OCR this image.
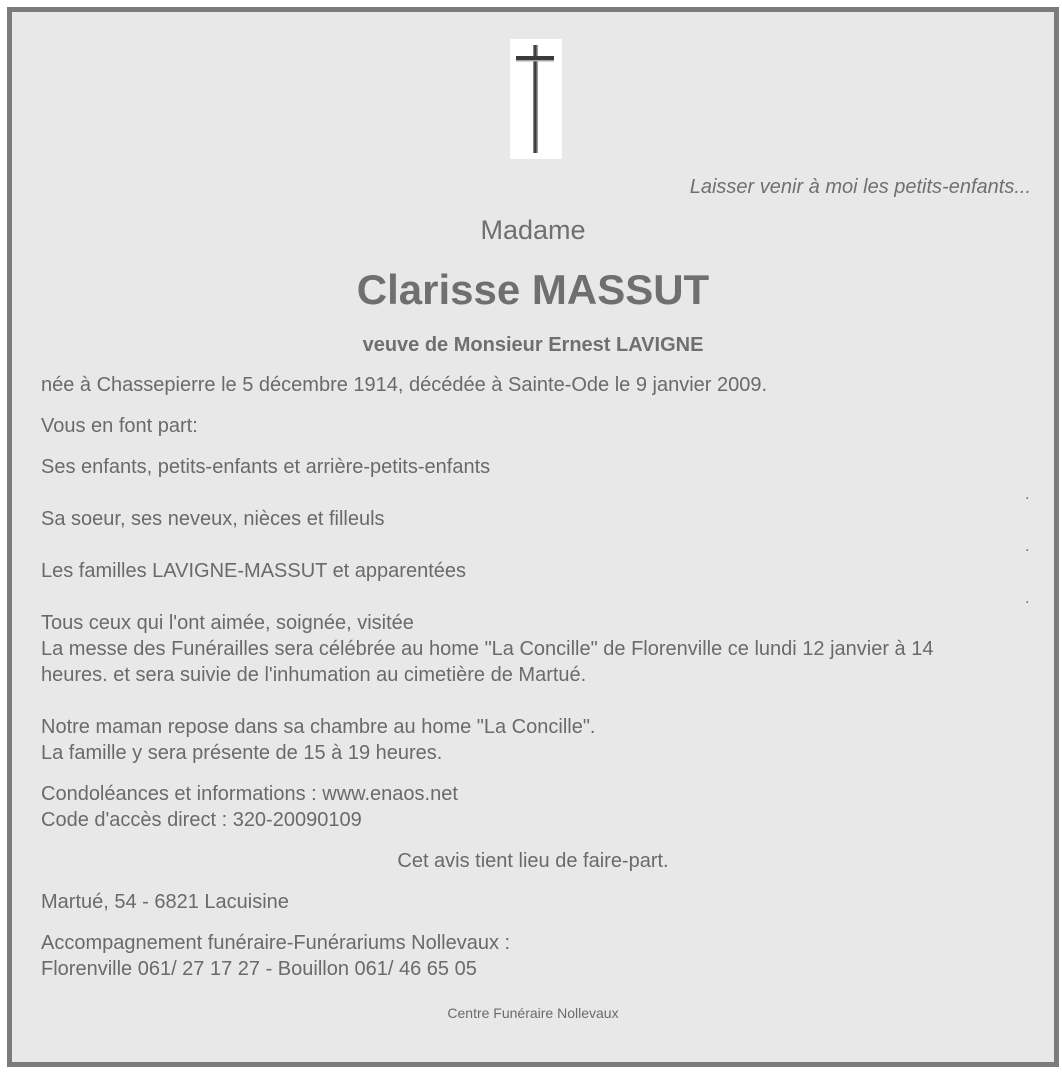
Laisser venir à moi les petits-enfants...
Madame
Clarisse MASSUT
veuve de Monsieur Ernest LAVIGNE
née à Chassepierre le 5 décembre 1914, décédée à Sainte-Ode le 9 janvier 2009.
Vous en font part:
Ses enfants, petits-enfants et arrière-petits-enfants
.
Sa soeur, ses neveux, nièces et filleuls
.
Les familles LAVIGNE-MASSUT et apparentées
.
Tous ceux qui l'ont aimée, soignée, visitée
La messe des Funérailles sera célébrée au home "La Concille" de Florenville ce lundi 12 janvier à 14
heures. et sera suivie de l'inhumation au cimetière de Martué.
Notre maman repose dans sa chambre au home "La Concille".
La famille y sera présente de 15 à 19 heures.
Condoléances et informations : www.enaos.net
Code d'accès direct : 320-20090109
Cet avis tient lieu de faire-part.
Martué, 54 - 6821 Lacuisine
Accompagnement funéraire-Funérariums Nollevaux :
Florenville 061/ 27 17 27 - Bouillon 061/ 46 65 05
Centre Funéraire Nollevaux
